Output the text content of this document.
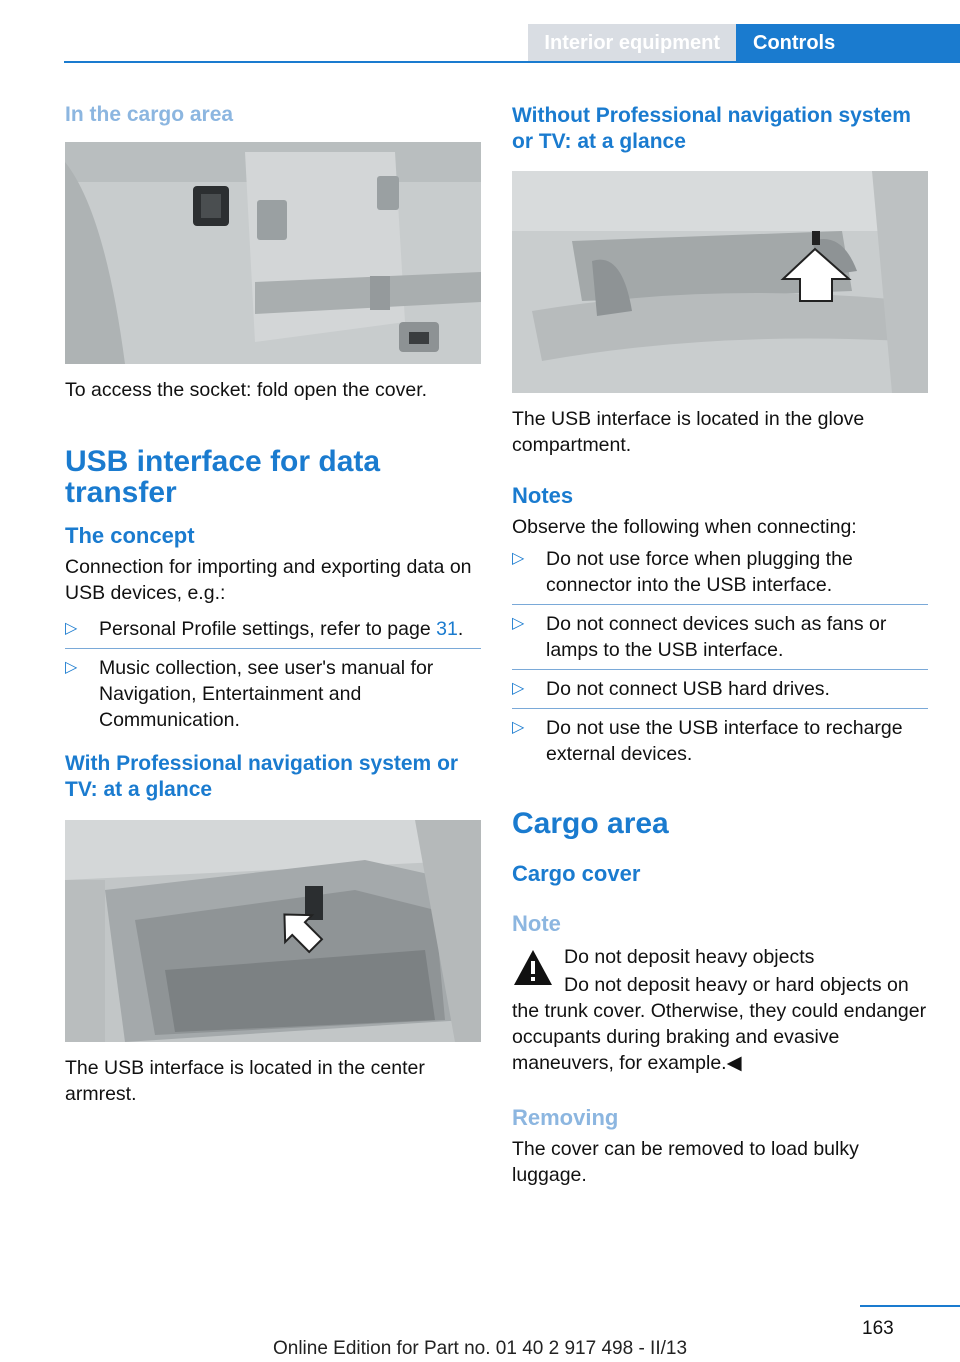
Interior equipment	Controls
In the cargo area

To access the socket: fold open the cover.

USB interface for data transfer
The concept

Connection for importing and exporting data on USB devices, e.g.:

▷ Personal Profile settings, refer to page 31.
▷ Music collection, see user's manual for Navigation, Entertainment and Communication.
With Professional navigation system or TV: at a glance

The USB interface is located in the center armrest.

Without Professional navigation system or TV: at a glance

The USB interface is located in the glove compartment.

Notes

Observe the following when connecting:

▷ Do not use force when plugging the connector into the USB interface.
▷ Do not connect devices such as fans or lamps to the USB interface.
▷ Do not connect USB hard drives.
▷ Do not use the USB interface to recharge external devices.
Cargo area
Cargo cover
Note

Do not deposit heavy objects

Do not deposit heavy or hard objects on the trunk cover. Otherwise, they could endanger occupants during braking and evasive maneuvers, for example.◀

Removing

The cover can be removed to load bulky luggage.

163
Online Edition for Part no. 01 40 2 917 498 - II/13
